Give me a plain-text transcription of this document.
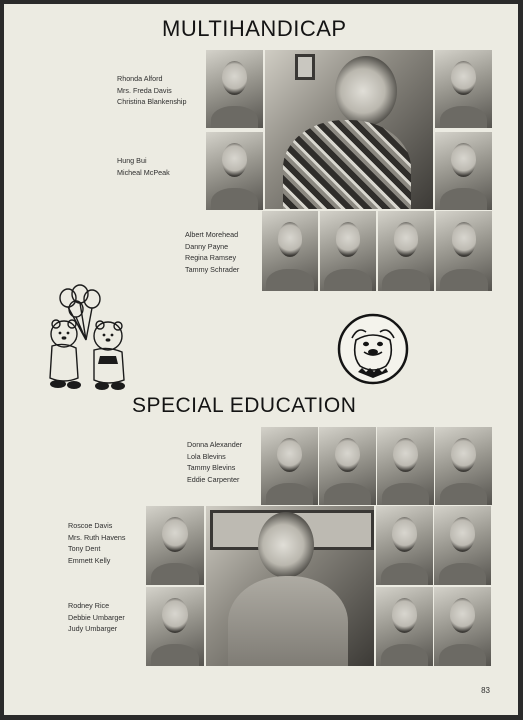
MULTIHANDICAP
Rhonda Alford
Mrs. Freda Davis
Christina Blankenship
Hung Bui
Micheal McPeak
Albert Morehead
Danny Payne
Regina Ramsey
Tammy Schrader
SPECIAL EDUCATION
Donna Alexander
Lola Blevins
Tammy Blevins
Eddie Carpenter
Roscoe Davis
Mrs. Ruth Havens
Tony Dent
Emmett Kelly
Rodney Rice
Debbie Umbarger
Judy Umbarger
83
